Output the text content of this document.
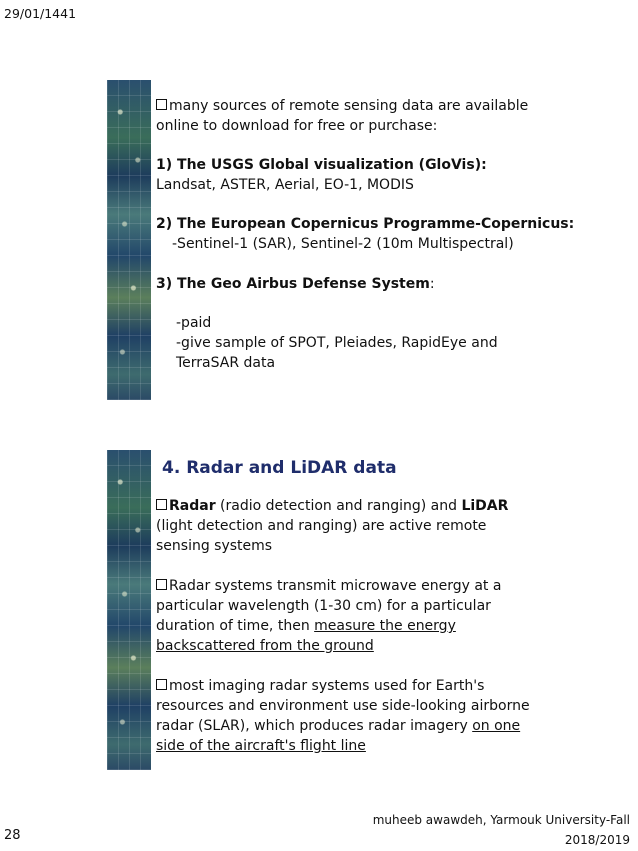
29/01/1441
many sources of remote sensing data are available
online to download for free or purchase:
1) The USGS Global visualization (GloVis):
Landsat, ASTER, Aerial, EO-1, MODIS
2) The European Copernicus Programme-Copernicus:
-Sentinel-1 (SAR), Sentinel-2 (10m Multispectral)
3) The Geo Airbus Defense System:
-paid
-give sample of SPOT, Pleiades, RapidEye and
TerraSAR data
4. Radar and LiDAR data
Radar (radio detection and ranging) and LiDAR
(light detection and ranging) are active remote
sensing systems
Radar systems transmit microwave energy at a
particular wavelength (1-30 cm) for a particular
duration of time, then measure the energy
backscattered from the ground
most imaging radar systems used for Earth's
resources and environment use side-looking airborne
radar (SLAR), which produces radar imagery on one
side of the aircraft's flight line
muheeb awawdeh, Yarmouk University-Fall
2018/2019
28
